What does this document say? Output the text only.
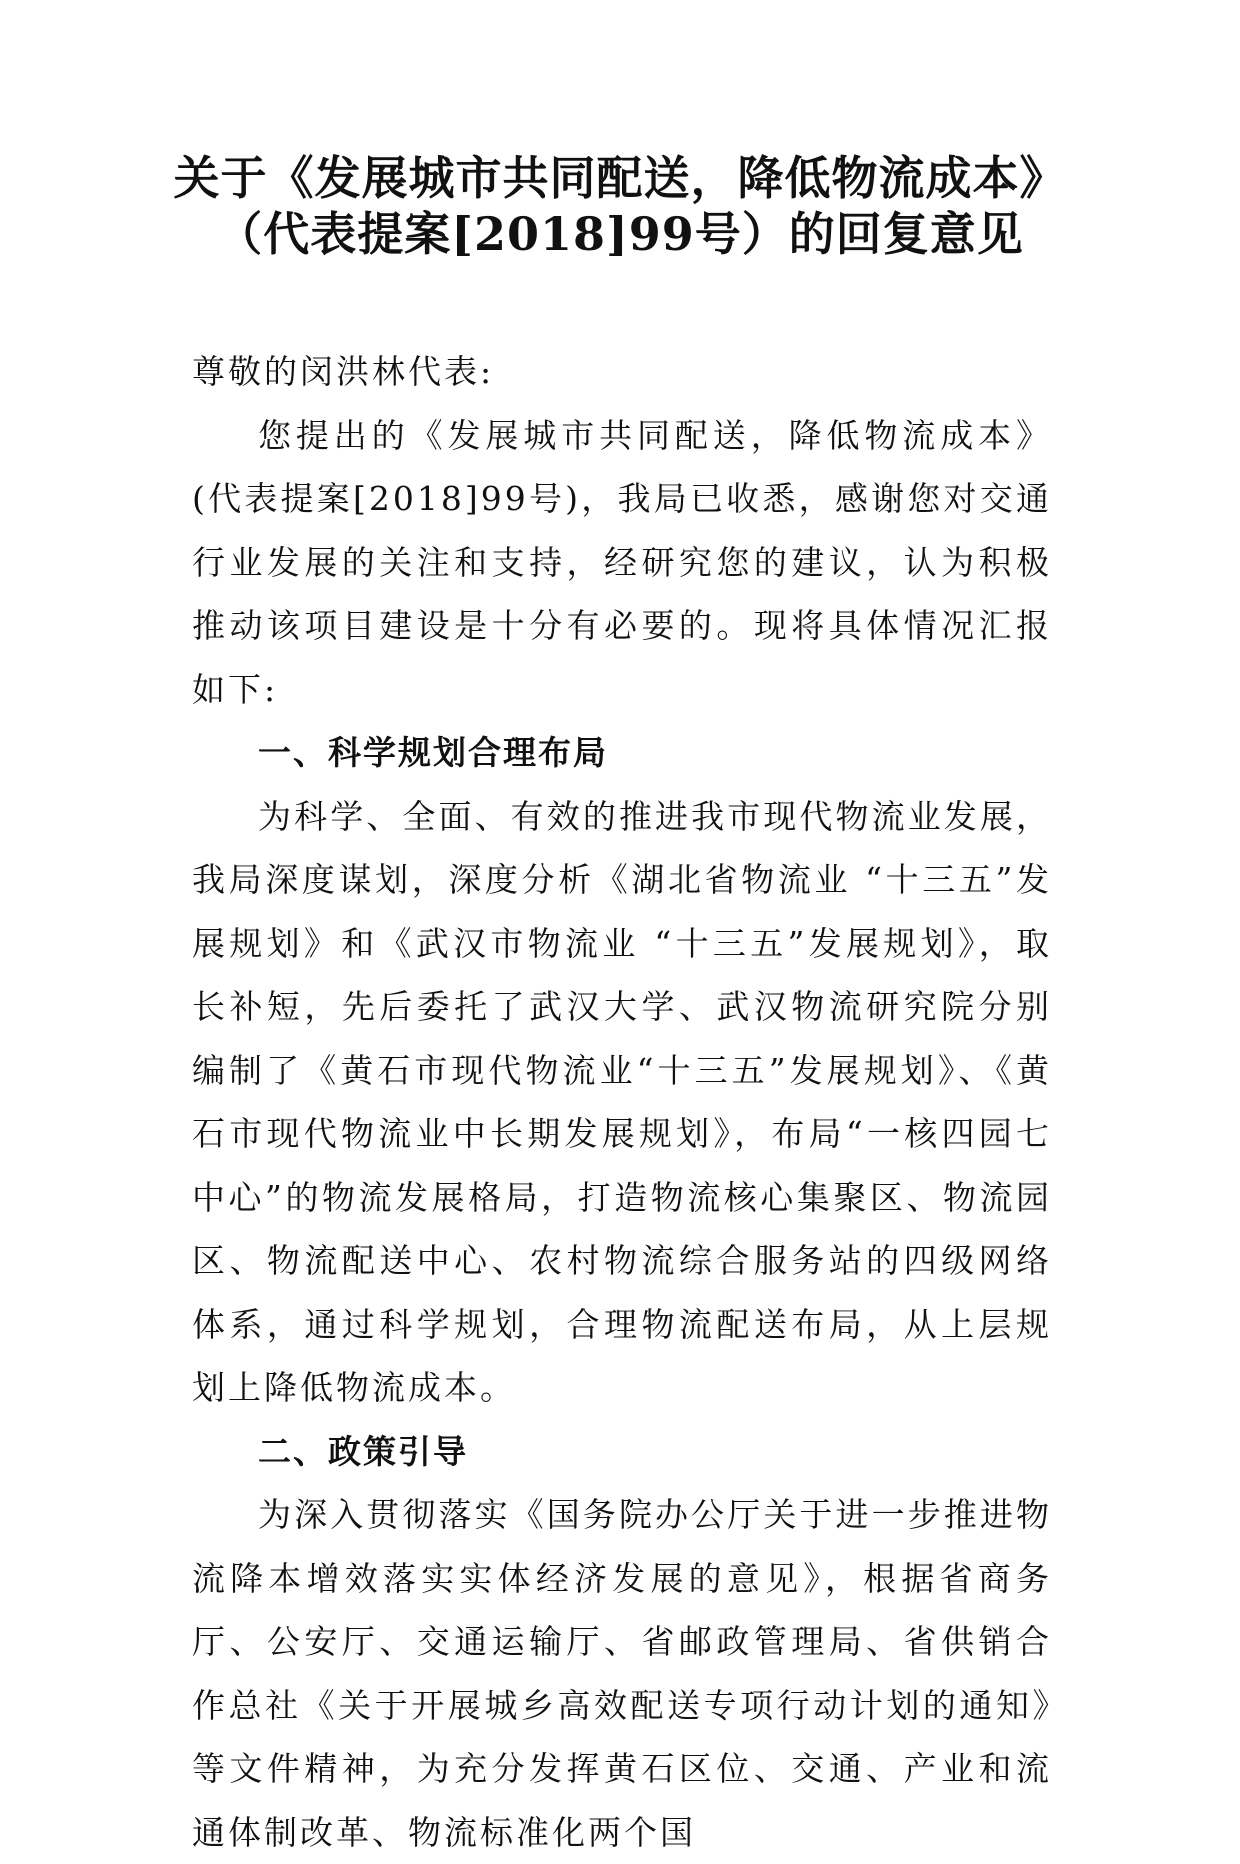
关于《发展城市共同配送，降低物流成本》
（代表提案[2018]99号）的回复意见

尊敬的闵洪林代表:

您提出的《发展城市共同配送，降低物流成本》(代表提案[2018]99号)，我局已收悉，感谢您对交通行业发展的关注和支持，经研究您的建议，认为积极推动该项目建设是十分有必要的。现将具体情况汇报如下:

一、科学规划合理布局

为科学、全面、有效的推进我市现代物流业发展，我局深度谋划，深度分析《湖北省物流业 “十三五”发展规划》和《武汉市物流业 “十三五”发展规划》，取长补短，先后委托了武汉大学、武汉物流研究院分别编制了《黄石市现代物流业“十三五”发展规划》、《黄石市现代物流业中长期发展规划》，布局“一核四园七中心”的物流发展格局，打造物流核心集聚区、物流园区、物流配送中心、农村物流综合服务站的四级网络体系，通过科学规划，合理物流配送布局，从上层规划上降低物流成本。

二、政策引导

为深入贯彻落实《国务院办公厅关于进一步推进物流降本增效落实实体经济发展的意见》，根据省商务厅、公安厅、交通运输厅、省邮政管理局、省供销合作总社《关于开展城乡高效配送专项行动计划的通知》等文件精神，为充分发挥黄石区位、交通、产业和流通体制改革、物流标准化两个国
